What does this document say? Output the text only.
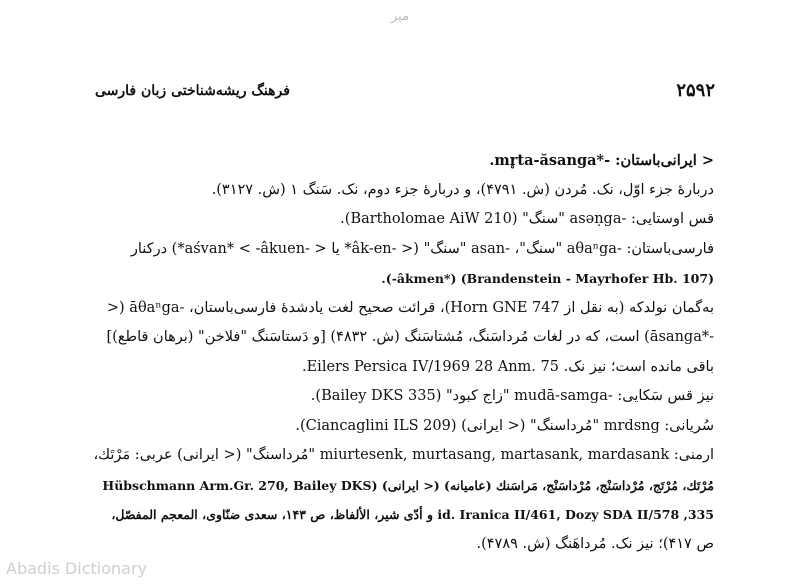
میر
۲۵۹۲
فرهنگ ریشه‌شناختی زبان فارسی
< ایرانی‌باستان: -*mr̥ta-ăsanga.
دربارهٔ جزء اوّل، نک. مُردن (ش. ۴۷۹۱)، و دربارهٔ جزء دوم، نک. سَنگ ۱ (ش. ۳۱۲۷).
قس اوستایی: -asəṇga "سنگ" (Bartholomae AiW 210).
فارسی‌باستان: -aθaⁿga "سنگ"، -asan "سنگ" (< -âk-en* یا < -aśvan* < -âkuen*) درکنار
(Brandenstein - Mayrhofer Hb. 107) (*âkmen-).
به‌گمان نولدکه (به نقل از Horn GNE 747)، قرائت صحیح لغت یادشدهٔ فارسی‌باستان، -āθaⁿga (<
-*āsanga) است، که در لغات مُرداسَنگ، مُشتاسَنگ (ش. ۴۸۳۲) [و دَستاسَنگ "فلاخن" (برهان قاطع)]
باقی مانده است؛ نیز نک. Eilers Persica IV/1969 28 Anm. 75.
نیز قس سَکایی: -mudā-samga "زاج کبود" (Bailey DKS 335).
سُریانی: mrdsng "مُرداسنگ" (< ایرانی) (Ciancaglini ILS 209).
ارمنی: miurtesenk, murtasang, martasank, mardasank "مُرداسنگ" (< ایرانی) عربی: مَرْتَك،
مُرْتَك، مُرْتَج، مُرْداسَنْج، مُرْداسَنْج، مَراسَنك (عامیانه) (< ایرانی) (Hübschmann Arm.Gr. 270, Bailey DKS
335, id. Iranica II/461, Dozy SDA II/578 و أدّی شیر، الألفاظ، ص ۱۴۳، سعدی ضنّاوی، المعجم المفصّل،
ص ۴۱۷)؛ نیز نک. مُرداهَنگ (ش. ۴۷۸۹).
Abadis Dictionary
